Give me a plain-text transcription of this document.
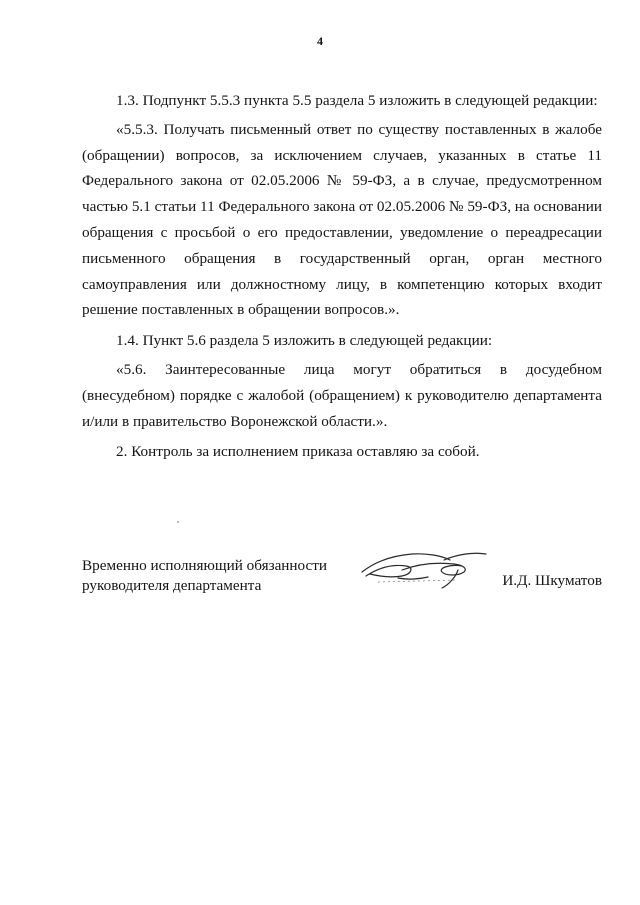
4

1.3. Подпункт 5.5.3 пункта 5.5 раздела 5 изложить в следующей редакции:

«5.5.3. Получать письменный ответ по существу поставленных в жалобе (обращении) вопросов, за исключением случаев, указанных в статье 11 Федерального закона от 02.05.2006 № 59-ФЗ, а в случае, предусмотренном частью 5.1 статьи 11 Федерального закона от 02.05.2006 № 59-ФЗ, на основании обращения с просьбой о его предоставлении, уведомление о переадресации письменного обращения в государственный орган, орган местного самоуправления или должностному лицу, в компетенцию которых входит решение поставленных в обращении вопросов.».

1.4. Пункт 5.6 раздела 5 изложить в следующей редакции:

«5.6. Заинтересованные лица могут обратиться в досудебном (внесудебном) порядке с жалобой (обращением) к руководителю департамента и/или в правительство Воронежской области.».

2. Контроль за исполнением приказа оставляю за собой.

Временно исполняющий обязанности
руководителя департамента	И.Д. Шкуматов
